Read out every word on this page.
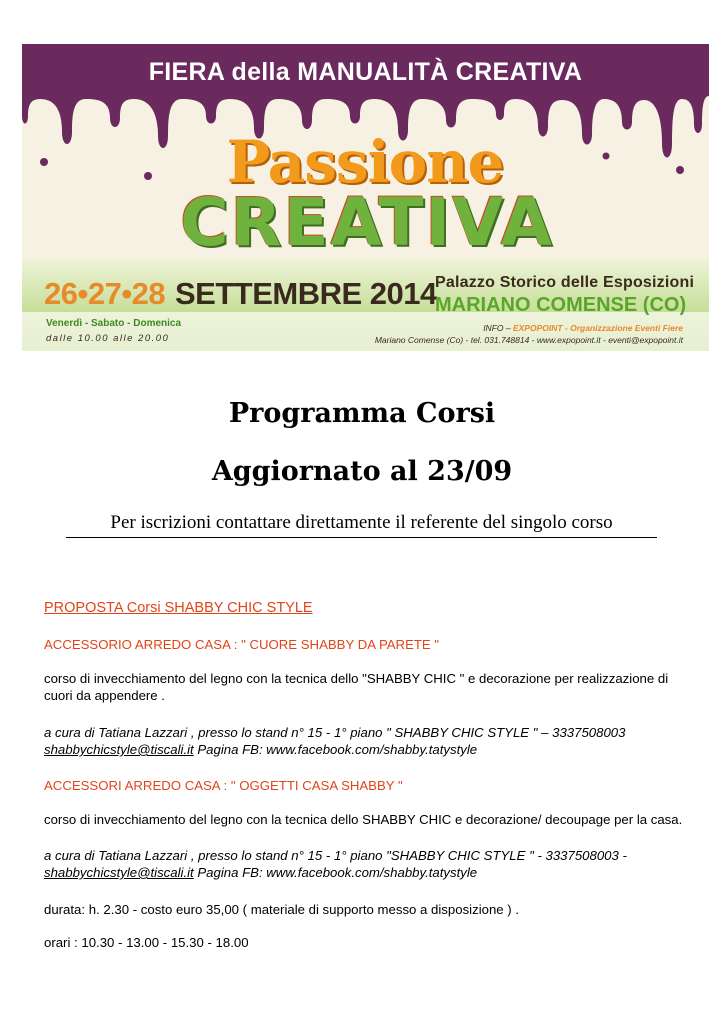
FIERA della MANUALITÀ CREATIVA
Passione
CREATIVA
26•27•28 SETTEMBRE 2014
Palazzo Storico delle Esposizioni
MARIANO COMENSE (CO)
Venerdì - Sabato - Domenica
dalle 10.00 alle 20.00
INFO – EXPOPOINT - Organizzazione Eventi Fiere
Mariano Comense (Co) - tel. 031.748814 - www.expopoint.it - eventi@expopoint.it
Programma Corsi
Aggiornato al 23/09
Per iscrizioni contattare direttamente il referente del singolo corso
PROPOSTA Corsi SHABBY CHIC STYLE
ACCESSORIO ARREDO CASA : " CUORE SHABBY DA PARETE "
corso di invecchiamento del legno con la tecnica dello "SHABBY CHIC " e decorazione per realizzazione di cuori da appendere .

a cura di Tatiana Lazzari , presso lo stand n° 15 - 1° piano " SHABBY CHIC STYLE " – 3337508003

shabbychicstyle@tiscali.it Pagina FB: www.facebook.com/shabby.tatystyle

ACCESSORI ARREDO CASA : " OGGETTI CASA SHABBY "
corso di invecchiamento del legno con la tecnica dello SHABBY CHIC e decorazione/ decoupage per la casa.

a cura di Tatiana Lazzari , presso lo stand n° 15 - 1° piano "SHABBY CHIC STYLE " - 3337508003 -

shabbychicstyle@tiscali.it Pagina FB: www.facebook.com/shabby.tatystyle

durata: h. 2.30 - costo euro 35,00 ( materiale di supporto messo a disposizione ) .
orari : 10.30 - 13.00 - 15.30 - 18.00
